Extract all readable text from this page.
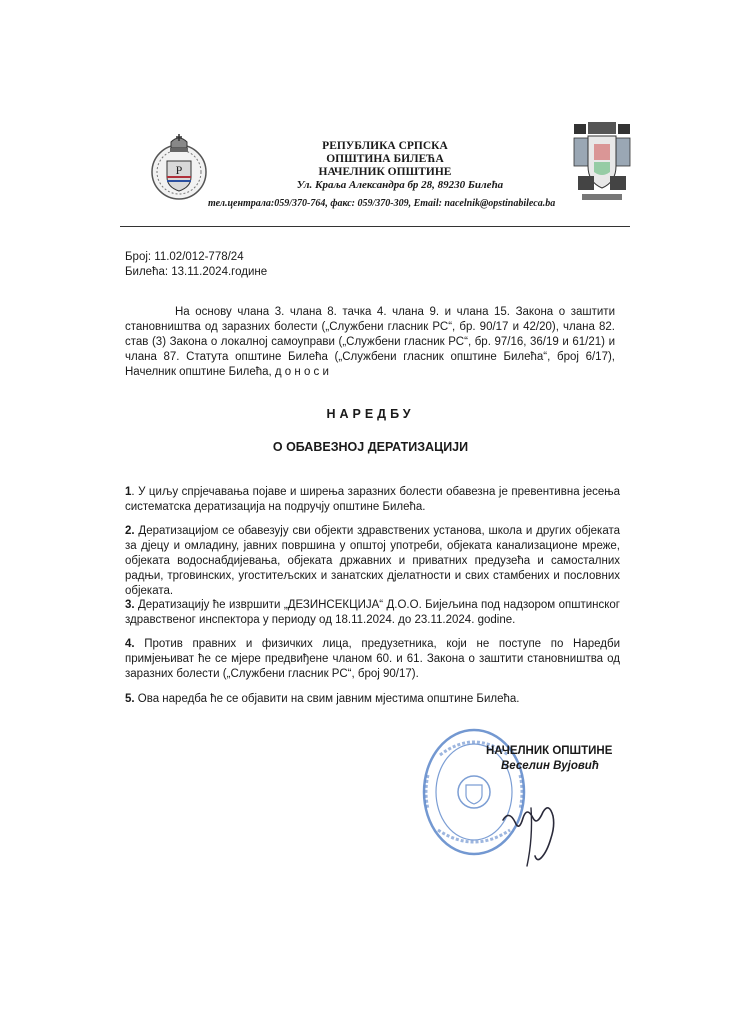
Р
РЕПУБЛИКА СРПСКА
ОПШТИНА БИЛЕЋА
НАЧЕЛНИК ОПШТИНЕ
Ул. Краља Александра бр 28, 89230 Билећа
тел.централа:059/370-764, факс: 059/370-309, Email: nacelnik@opstinabileca.ba
Број: 11.02/012-778/24
Билећа: 13.11.2024.године
На основу члана 3. члана 8. тачка 4. члана 9. и члана 15. Закона о заштити становништва од заразних болести („Службени гласник РС“, бр. 90/17 и 42/20), члана 82. став (3) Закона о локалној самоуправи („Службени гласник РС“, бр. 97/16, 36/19 и 61/21) и члана 87. Статута општине Билећа („Службени гласник општине Билећа“, број 6/17), Начелник општине Билећа, д о н о с и
НАРЕДБУ
О ОБАВЕЗНОЈ ДЕРАТИЗАЦИЈИ
1. У циљу спрјечавања појаве и ширења заразних болести обавезна је превентивна јесења систематска дератизација на подручју општине Билећа.
2. Дератизацијом се обавезују сви објекти здравствених установа, школа и других објеката за дјецу и омладину, јавних површина у општој употреби, објеката канализационе мреже, објеката водоснабдијевања, објеката државних и приватних предузећа и самосталних радњи, трговинских, угоститељских и занатских дјелатности и свих стамбених и пословних објеката.
3. Дератизацију ће извршити „ДЕЗИНСЕКЦИЈА“ Д.О.О. Бијељина под надзором општинског здравственог инспектора у периоду од 18.11.2024. до 23.11.2024. godine.
4. Против правних и физичких лица, предузетника, који не поступе по Наредби примјењиват ће се мјере предвиђене чланом 60. и 61. Закона о заштити становништва од заразних болести („Службени гласник РС“, број 90/17).
5. Ова наредба ће се објавити на свим јавним мјестима општине Билећа.
НАЧЕЛНИК ОПШТИНЕ
Веселин Вујовић
